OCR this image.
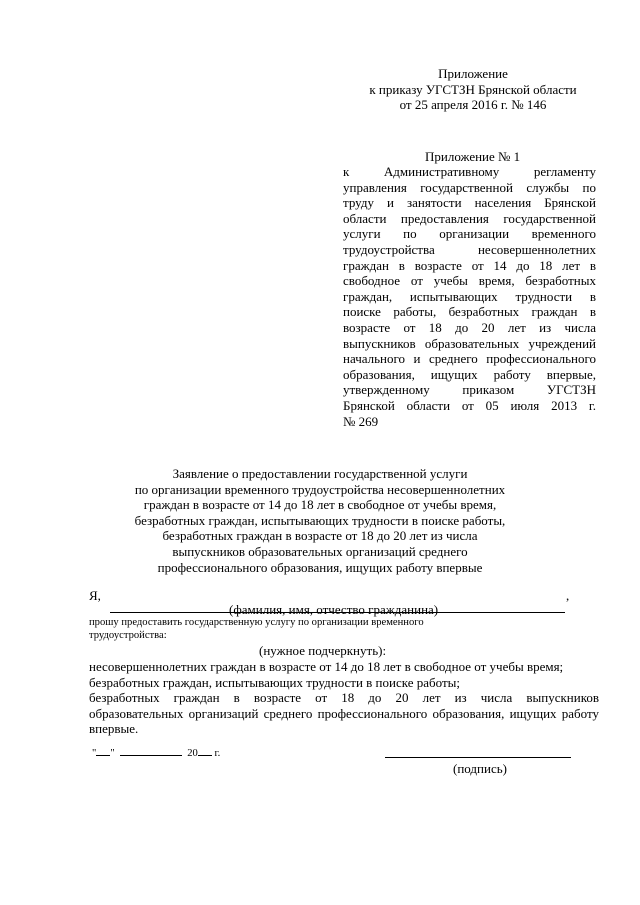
Приложение
к приказу УГСТЗН Брянской области
от 25 апреля 2016 г. № 146
Приложение № 1
к Административному регламенту
управления государственной службы по
труду и занятости населения Брянской
области предоставления государственной
услуги по организации временного
трудоустройства несовершеннолетних
граждан в возрасте от 14 до 18 лет в
свободное от учебы время, безработных
граждан, испытывающих трудности в
поиске работы, безработных граждан в
возрасте от 18 до 20 лет из числа
выпускников образовательных учреждений
начального и среднего профессионального
образования, ищущих работу впервые,
утвержденному приказом УГСТЗН
Брянской области от 05 июля 2013 г.
№ 269
Заявление о предоставлении государственной услуги
по организации временного трудоустройства несовершеннолетних
граждан в возрасте от 14 до 18 лет в свободное от учебы время,
безработных граждан, испытывающих трудности в поиске работы,
безработных граждан в возрасте от 18 до 20 лет из числа
выпускников образовательных организаций среднего
профессионального образования, ищущих работу впервые
Я,	,
(фамилия, имя, отчество гражданина)
прошу предоставить государственную услугу по организации временного
трудоустройства:
(нужное подчеркнуть):
несовершеннолетних граждан в возрасте от 14 до 18 лет в свободное от учебы время;
безработных граждан, испытывающих трудности в поиске работы;
безработных граждан в возрасте от 18 до 20 лет из числа выпускников
образовательных организаций среднего профессионального образования, ищущих работу
впервые.
" "	20 г.
(подпись)
